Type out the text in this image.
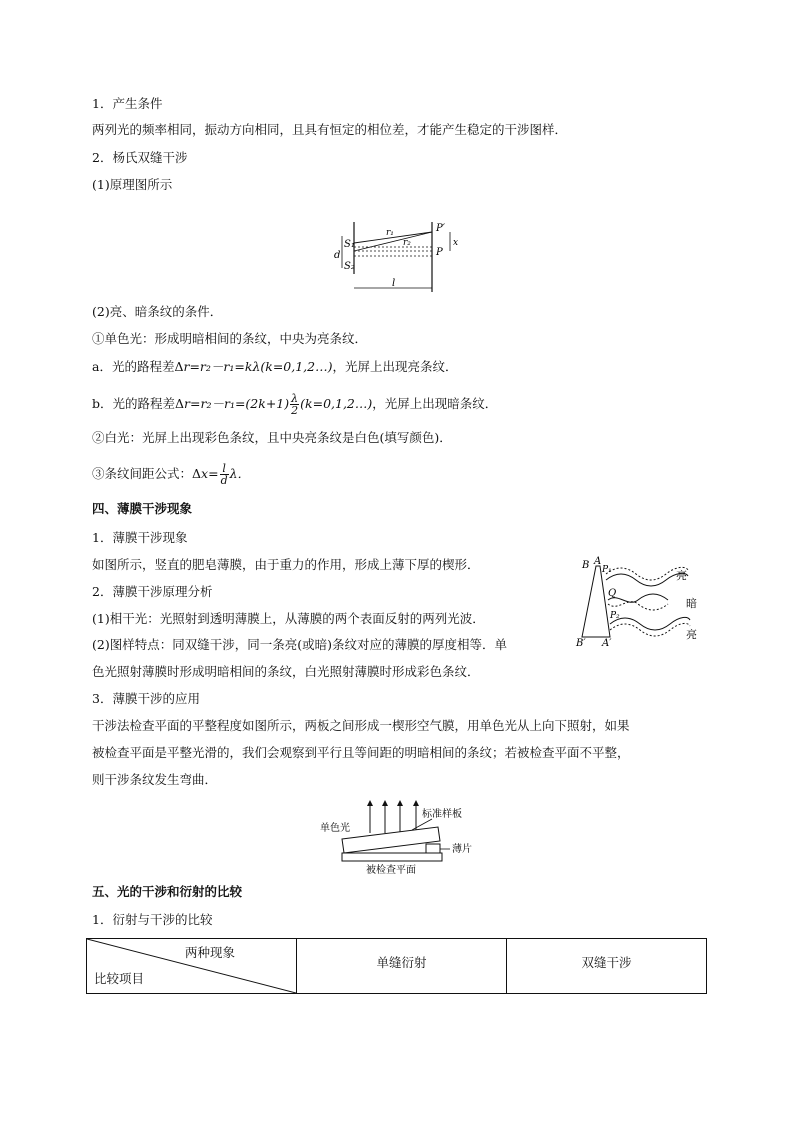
1．产生条件
两列光的频率相同，振动方向相同，且具有恒定的相位差，才能产生稳定的干涉图样．
2．杨氏双缝干涉
(1)原理图所示
S₁
d
S₂
r₁
r₂
P′
P
x
l
(2)亮、暗条纹的条件．
①单色光：形成明暗相间的条纹，中央为亮条纹．
a．光的路程差Δr=r₂－r₁=kλ(k=0,1,2…)，光屏上出现亮条纹．
b．光的路程差$\Delta r=r_2-r_1=(2k+1) \frac{\lambda}{2}$ (k=0,1,2…)，光屏上出现暗条纹．
②白光：光屏上出现彩色条纹，且中央亮条纹是白色(填写颜色)．
③条纹间距公式：$\Delta x= \frac{l}{d}$ λ．
四、薄膜干涉现象
1．薄膜干涉现象
如图所示，竖直的肥皂薄膜，由于重力的作用，形成上薄下厚的楔形．
2．薄膜干涉原理分析
(1)相干光：光照射到透明薄膜上，从薄膜的两个表面反射的两列光波．
(2)图样特点：同双缝干涉，同一条亮(或暗)条纹对应的薄膜的厚度相等．单
色光照射薄膜时形成明暗相间的条纹，白光照射薄膜时形成彩色条纹．
B A
P₁
Q
P₂
B′ A′
亮
暗
亮
3．薄膜干涉的应用
干涉法检查平面的平整程度如图所示，两板之间形成一楔形空气膜，用单色光从上向下照射，如果
被检查平面是平整光滑的，我们会观察到平行且等间距的明暗相间的条纹；若被检查平面不平整，
则干涉条纹发生弯曲．
单色光
标准样板
薄片
被检查平面
五、光的干涉和衍射的比较
1．衍射与干涉的比较
两种现象
比较项目
	单缝衍射	双缝干涉
